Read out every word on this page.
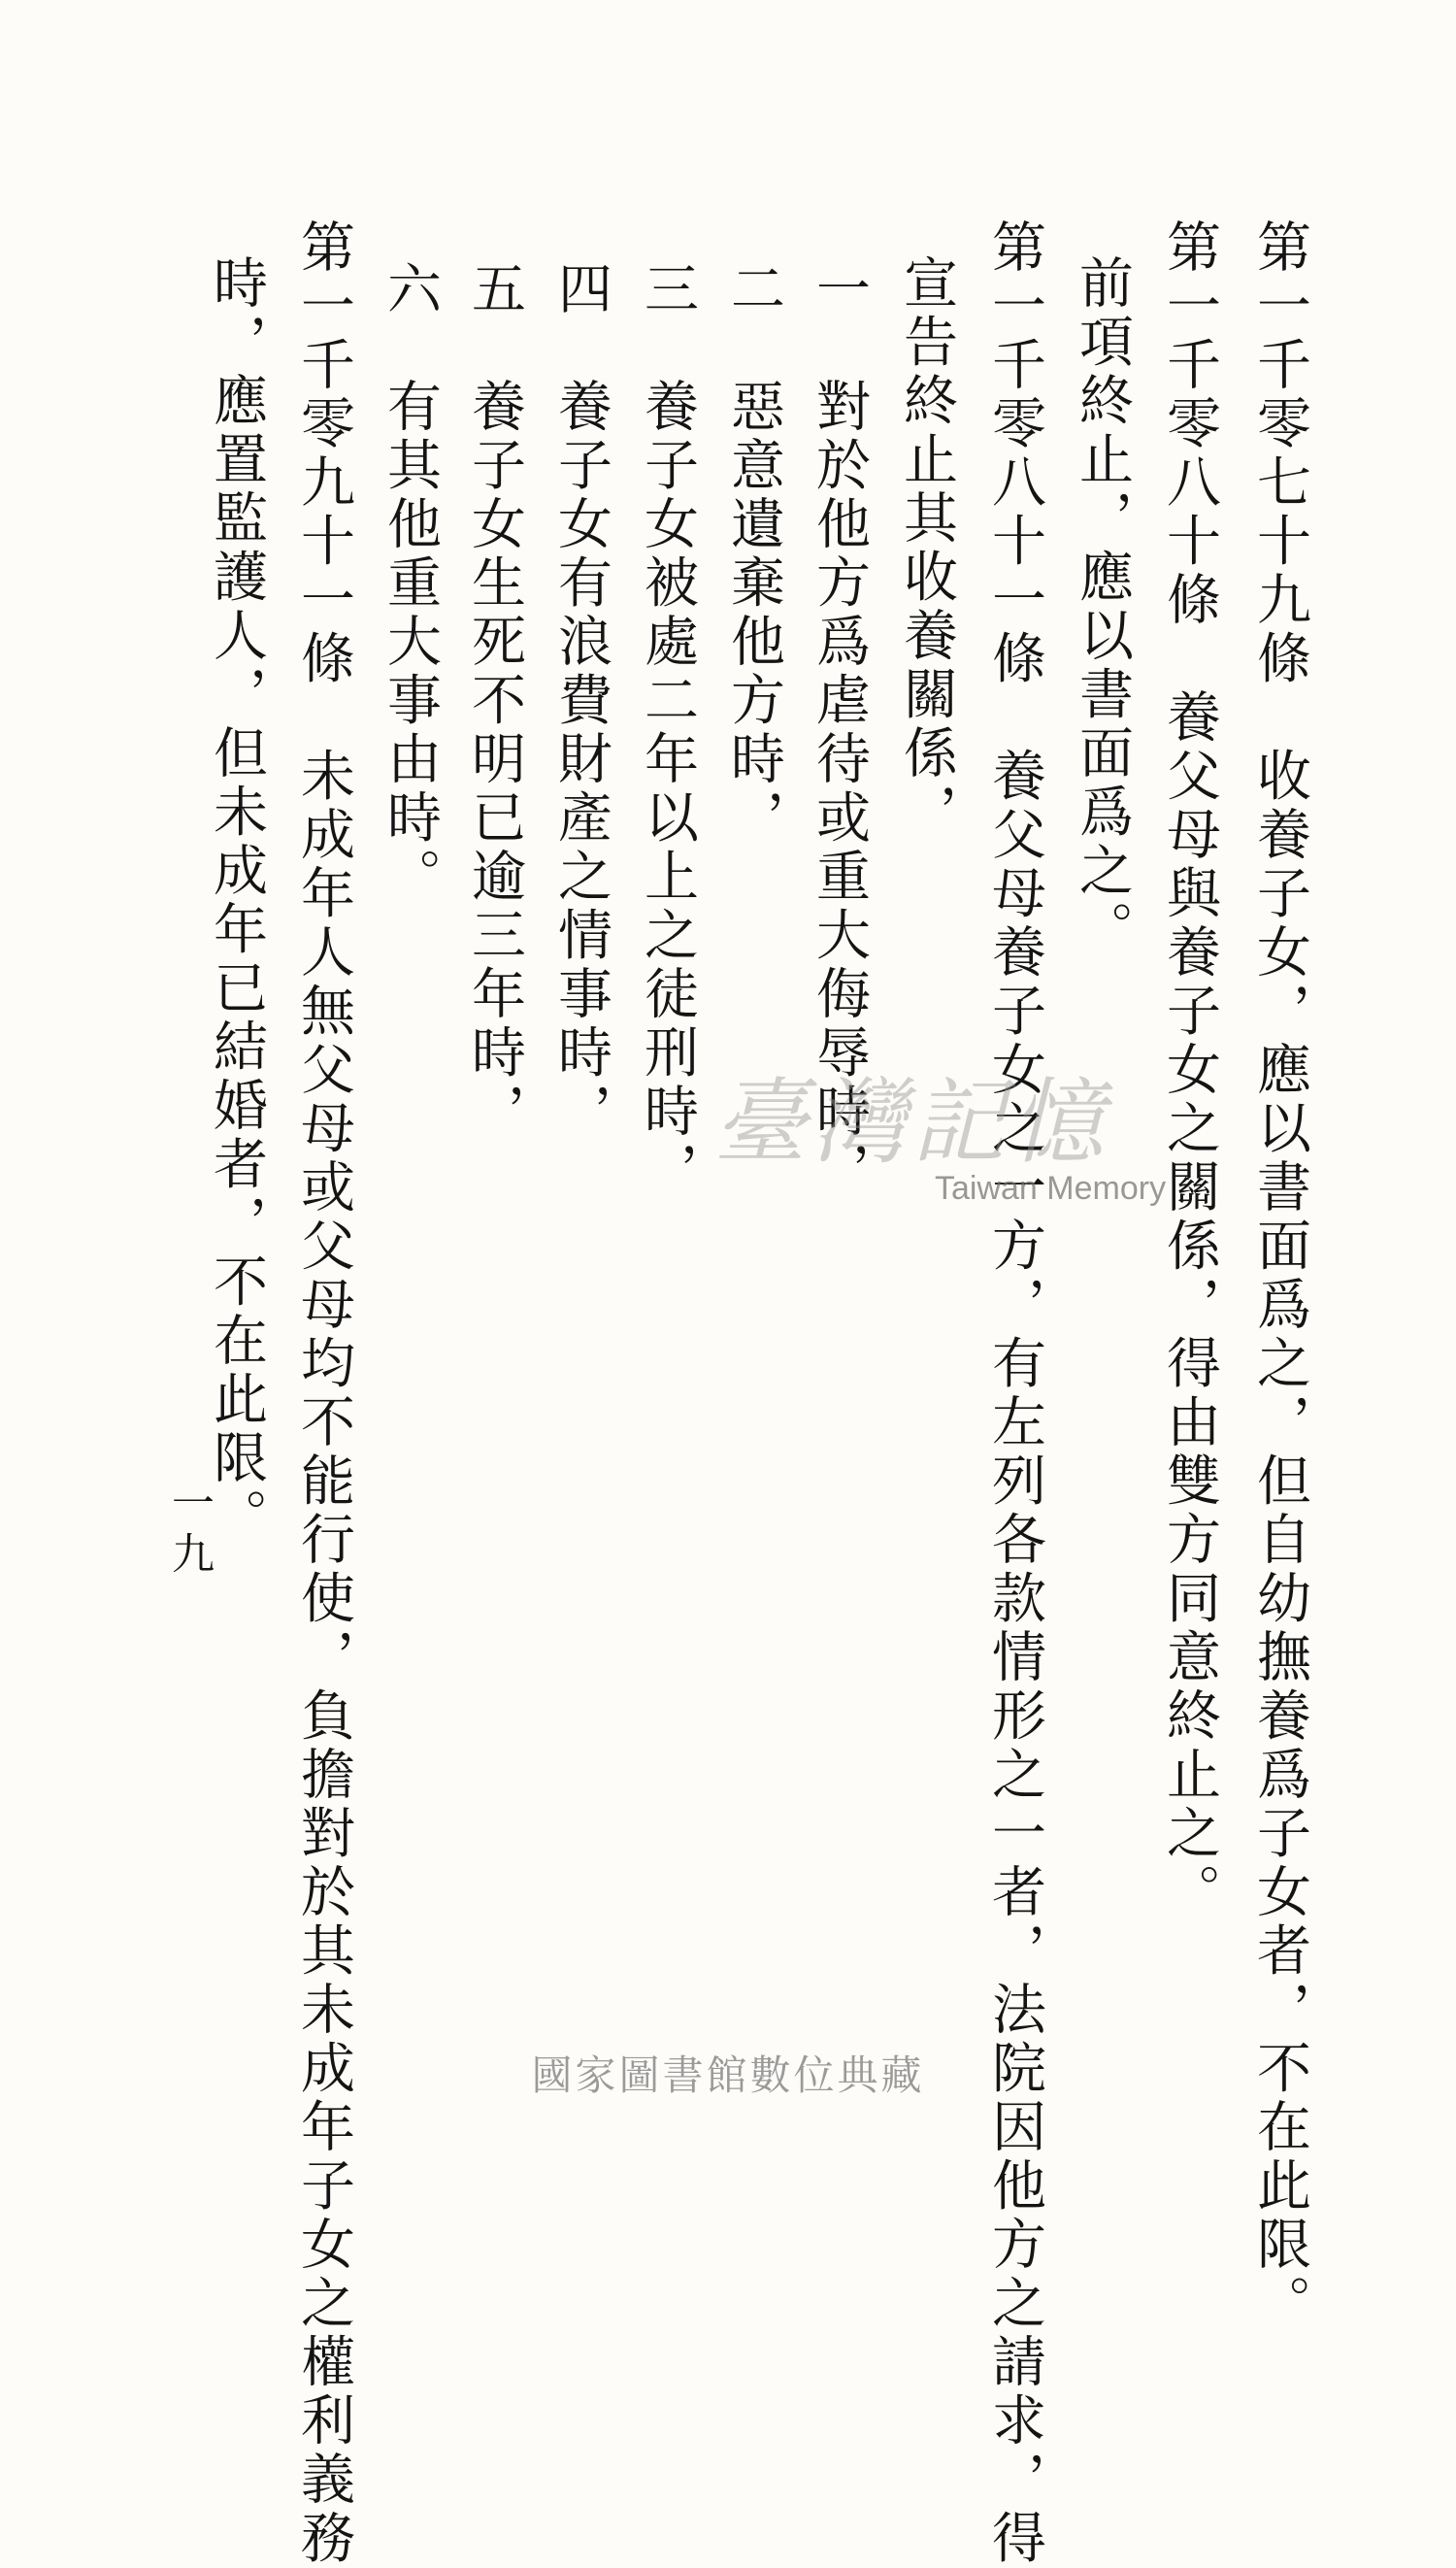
第一千零七十九條　收養子女，應以書面爲之，但自幼撫養爲子女者，不在此限。
第一千零八十條　養父母與養子女之關係，得由雙方同意終止之。
前項終止，應以書面爲之。
第一千零八十一條　養父母養子女之一方，有左列各款情形之一者，法院因他方之請求，得
宣告終止其收養關係，
一　對於他方爲虐待或重大侮辱時，
二　惡意遺棄他方時，
三　養子女被處二年以上之徒刑時，
四　養子女有浪費財產之情事時，
五　養子女生死不明已逾三年時，
六　有其他重大事由時。
第一千零九十一條　未成年人無父母或父母均不能行使，負擔對於其未成年子女之權利義務
時，應置監護人，但未成年已結婚者，不在此限。
一九
臺灣記憶
Taiwan Memory
國家圖書館數位典藏
